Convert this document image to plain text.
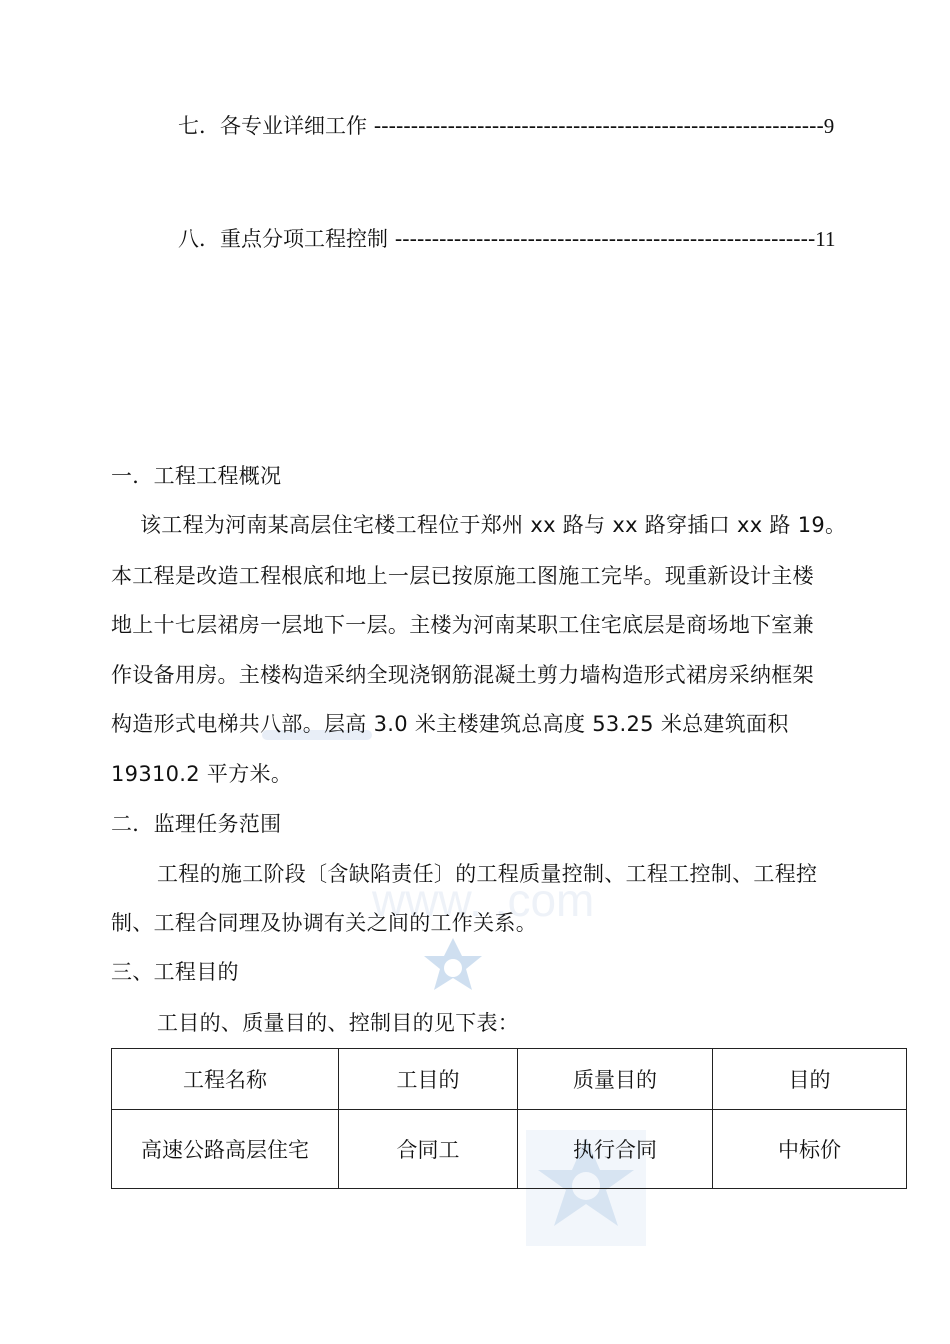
www. .com
七．各专业详细工作 -------------------------------------------------------------9
八．重点分项工程控制 ---------------------------------------------------------11
一．工程工程概况
该工程为河南某高层住宅楼工程位于郑州 xx 路与 xx 路穿插口 xx 路 19。
本工程是改造工程根底和地上一层已按原施工图施工完毕。现重新设计主楼
地上十七层裙房一层地下一层。主楼为河南某职工住宅底层是商场地下室兼
作设备用房。主楼构造采纳全现浇钢筋混凝土剪力墙构造形式裙房采纳框架
构造形式电梯共八部。层高 3.0 米主楼建筑总高度 53.25 米总建筑面积
19310.2 平方米。
二．监理任务范围
工程的施工阶段〔含缺陷责任〕的工程质量控制、工程工控制、工程控
制、工程合同理及协调有关之间的工作关系。
三、工程目的
工目的、质量目的、控制目的见下表：
工程名称	工目的	质量目的	目的
高速公路高层住宅	合同工	执行合同	中标价
